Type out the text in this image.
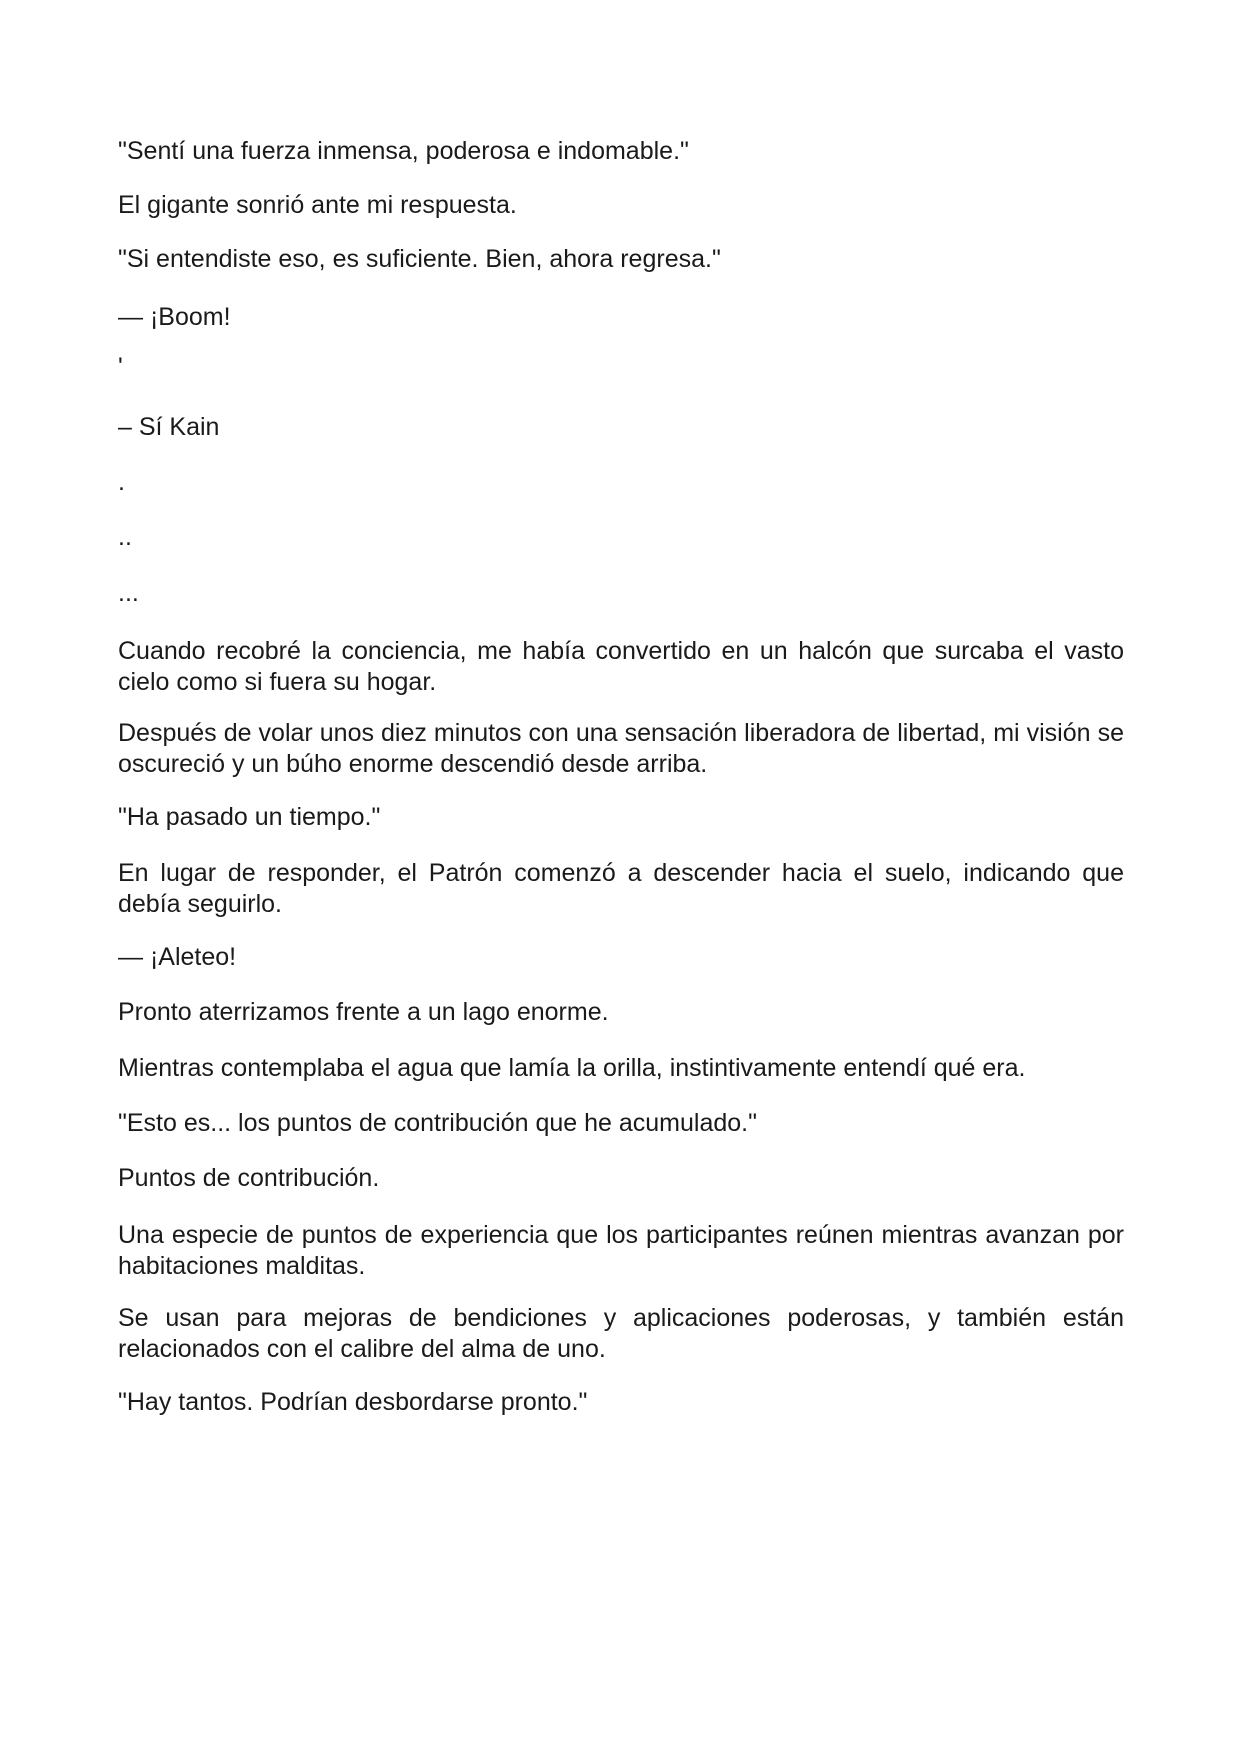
"Sentí una fuerza inmensa, poderosa e indomable."

El gigante sonrió ante mi respuesta.

"Si entendiste eso, es suficiente. Bien, ahora regresa."

— ¡Boom!

'

– Sí Kain

.

..

...

Cuando recobré la conciencia, me había convertido en un halcón que surcaba el vasto cielo como si fuera su hogar.

Después de volar unos diez minutos con una sensación liberadora de libertad, mi visión se oscureció y un búho enorme descendió desde arriba.

"Ha pasado un tiempo."

En lugar de responder, el Patrón comenzó a descender hacia el suelo, indicando que debía seguirlo.

— ¡Aleteo!

Pronto aterrizamos frente a un lago enorme.

Mientras contemplaba el agua que lamía la orilla, instintivamente entendí qué era.

"Esto es... los puntos de contribución que he acumulado."

Puntos de contribución.

Una especie de puntos de experiencia que los participantes reúnen mientras avanzan por habitaciones malditas.

Se usan para mejoras de bendiciones y aplicaciones poderosas, y también están relacionados con el calibre del alma de uno.

"Hay tantos. Podrían desbordarse pronto."
